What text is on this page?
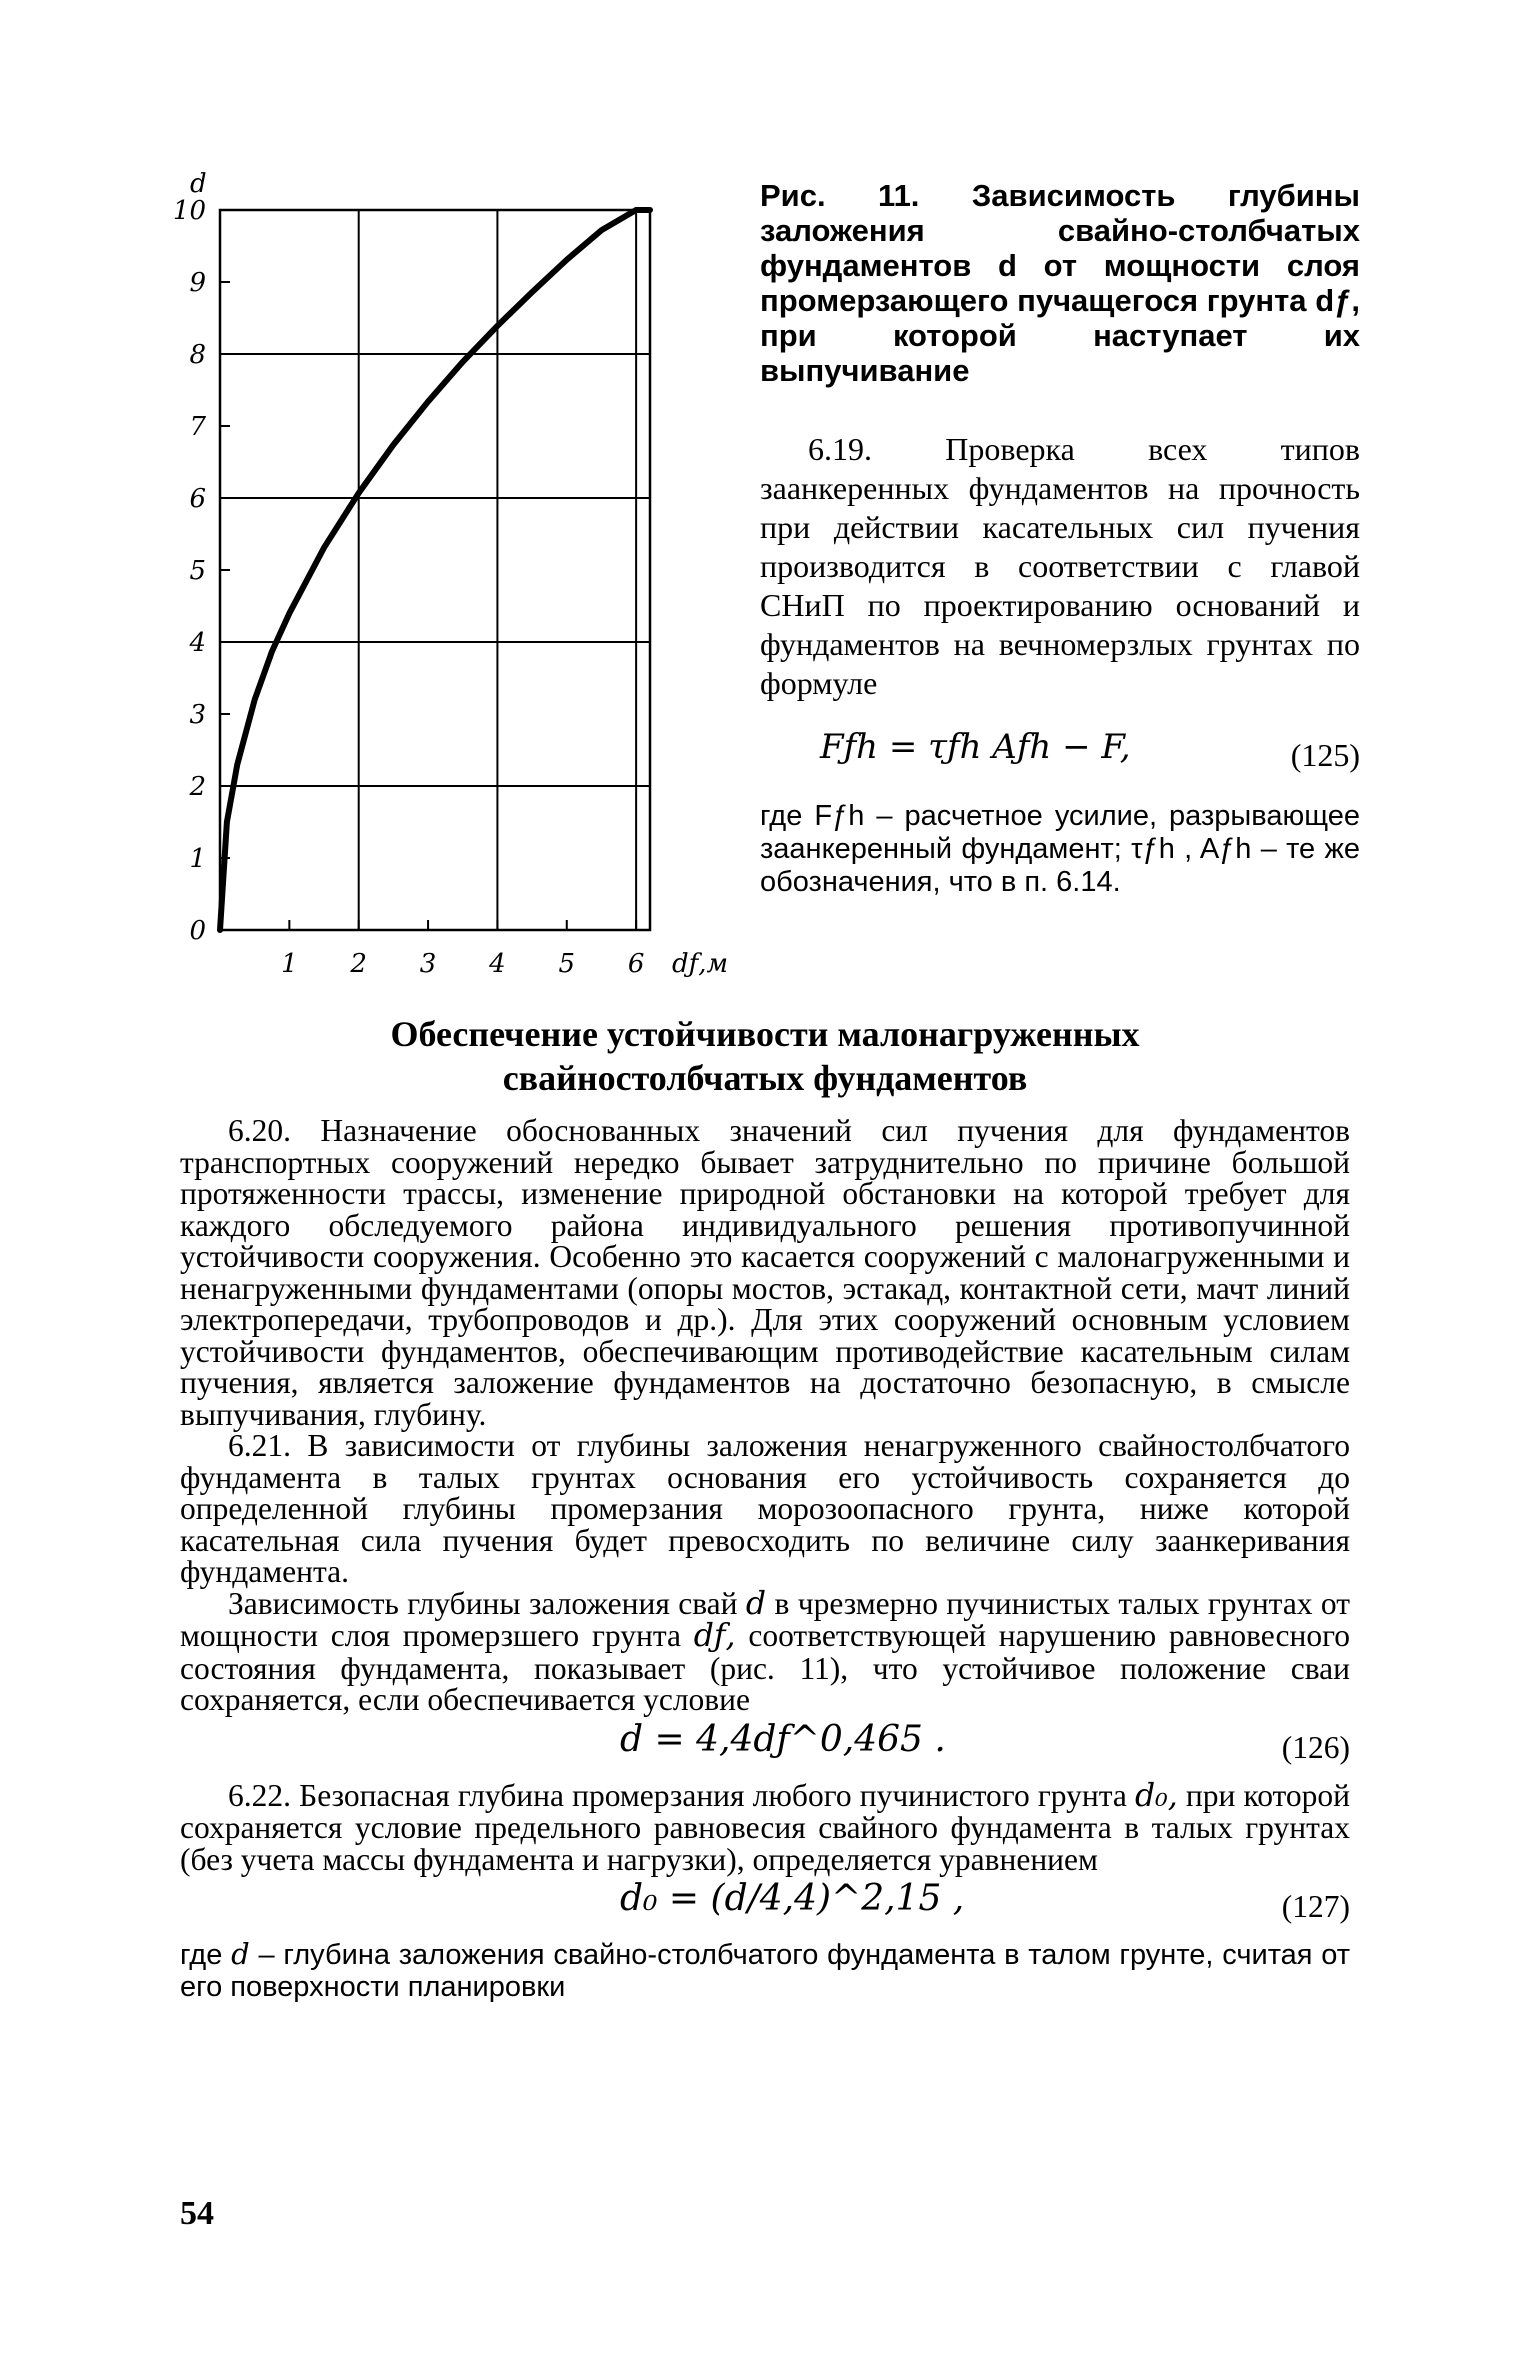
0
1
2
3
4
5
6
7
8
9
10
1 2 3 4 5 6
d
dƒ,м
Рис. 11. Зависимость глубины заложения свайно-столбчатых фундаментов d от мощности слоя промерзающего пучащегося грунта dƒ, при которой наступает их выпучивание

6.19. Проверка всех типов заанкеренных фундаментов на прочность при действии касательных сил пучения производится в соответствии с главой СНиП по проектированию оснований и фундаментов на вечномерзлых грунтах по формуле

Fƒh = τƒh Aƒh − F,	(125)
где Fƒh – расчетное усилие, разрывающее заанкеренный фундамент; τƒh , Aƒh – те же обозначения, что в п. 6.14.
Обеспечение устойчивости малонагруженных
свайностолбчатых фундаментов

6.20. Назначение обоснованных значений сил пучения для фундаментов транспортных сооружений нередко бывает затруднительно по причине большой протяженности трассы, изменение природной обстановки на которой требует для каждого обследуемого района индивидуального решения противопучинной устойчивости сооружения. Особенно это касается сооружений с малонагруженными и ненагруженными фундаментами (опоры мостов, эстакад, контактной сети, мачт линий электропередачи, трубопроводов и др.). Для этих сооружений основным условием устойчивости фундаментов, обеспечивающим противодействие касательным силам пучения, является заложение фундаментов на достаточно безопасную, в смысле выпучивания, глубину.

6.21. В зависимости от глубины заложения ненагруженного свайностолбчатого фундамента в талых грунтах основания его устойчивость сохраняется до определенной глубины промерзания морозоопасного грунта, ниже которой касательная сила пучения будет превосходить по величине силу заанкеривания фундамента.

Зависимость глубины заложения свай d в чрезмерно пучинистых талых грунтах от мощности слоя промерзшего грунта dƒ, соответствующей нарушению равновесного состояния фундамента, показывает (рис. 11), что устойчивое положение сваи сохраняется, если обеспечивается условие

d = 4,4dƒ^0,465 .	(126)

6.22. Безопасная глубина промерзания любого пучинистого грунта d₀, при которой сохраняется условие предельного равновесия свайного фундамента в талых грунтах (без учета массы фундамента и нагрузки), определяется уравнением

d₀ = (d/4,4)^2,15 ,	(127)

где d – глубина заложения свайно-столбчатого фундамента в талом грунте, считая от его поверхности планировки

54
